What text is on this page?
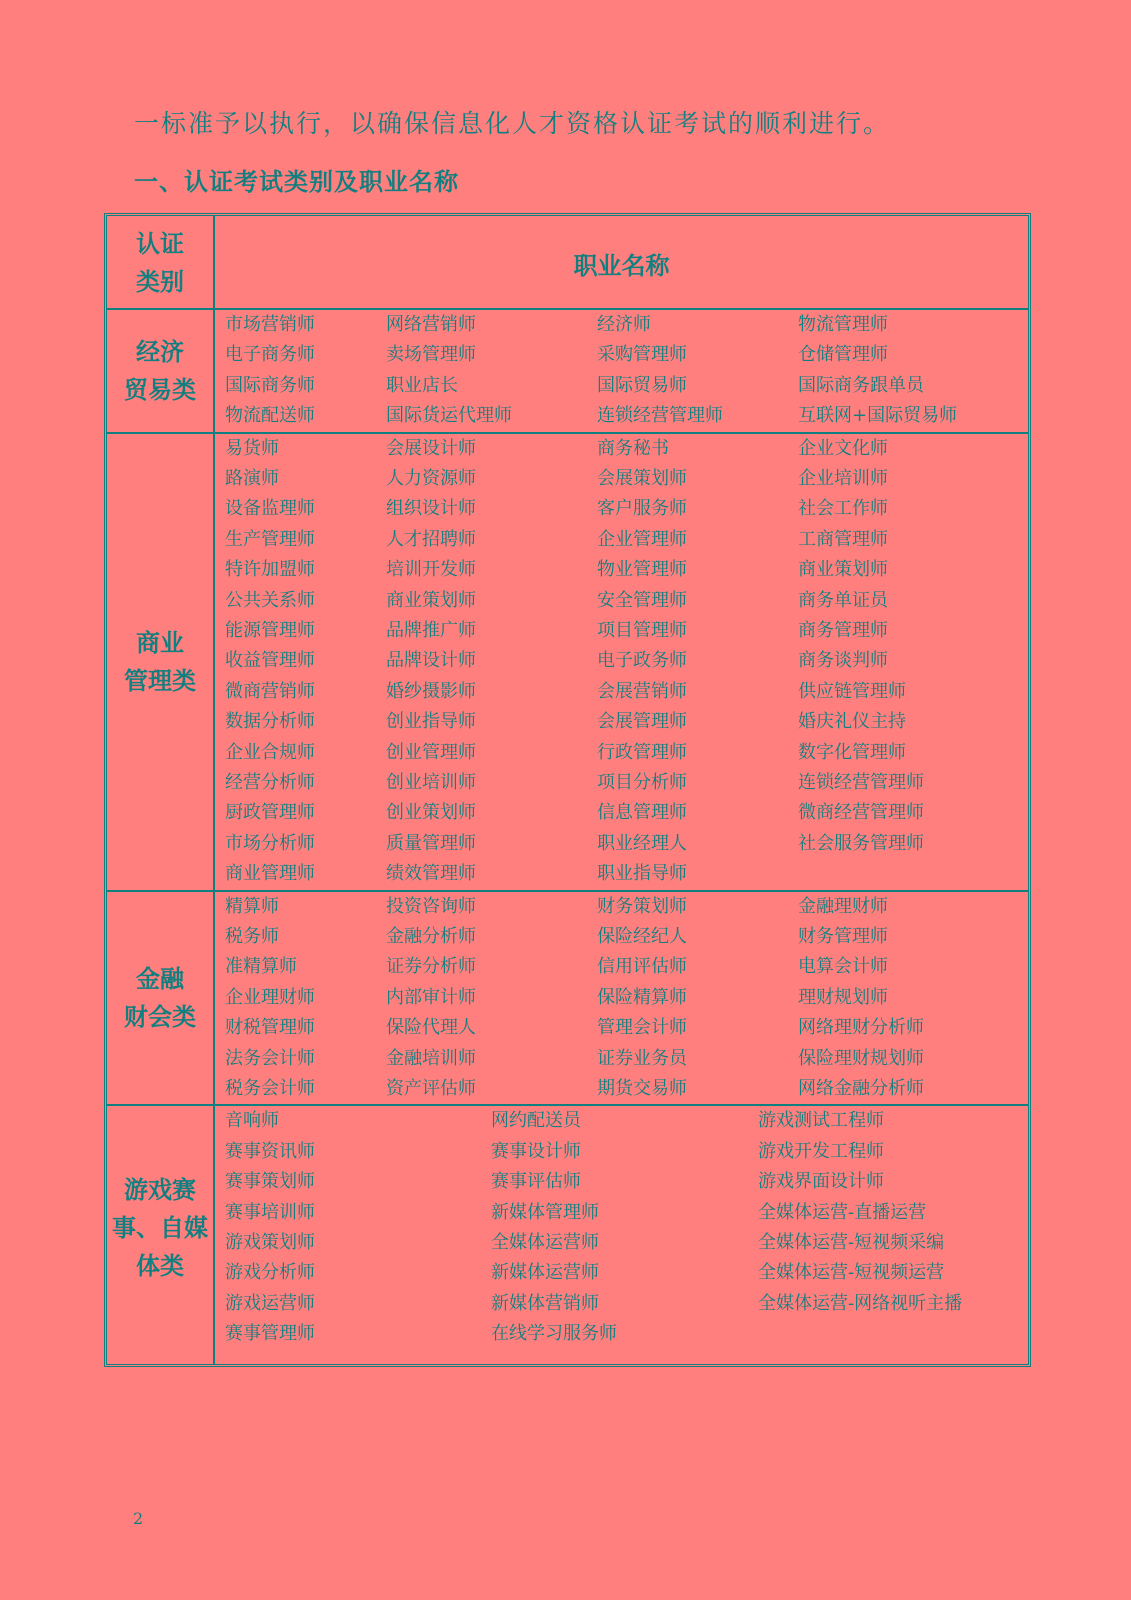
一标准予以执行，以确保信息化人才资格认证考试的顺利进行。

一、认证考试类别及职业名称
认证
类别
职业名称
经济
贸易类
市场营销师	网络营销师	经济师	物流管理师
电子商务师	卖场管理师	采购管理师	仓储管理师
国际商务师	职业店长	国际贸易师	国际商务跟单员
物流配送师	国际货运代理师	连锁经营管理师	互联网+国际贸易师
商业
管理类
易货师	会展设计师	商务秘书	企业文化师
路演师	人力资源师	会展策划师	企业培训师
设备监理师	组织设计师	客户服务师	社会工作师
生产管理师	人才招聘师	企业管理师	工商管理师
特许加盟师	培训开发师	物业管理师	商业策划师
公共关系师	商业策划师	安全管理师	商务单证员
能源管理师	品牌推广师	项目管理师	商务管理师
收益管理师	品牌设计师	电子政务师	商务谈判师
微商营销师	婚纱摄影师	会展营销师	供应链管理师
数据分析师	创业指导师	会展管理师	婚庆礼仪主持
企业合规师	创业管理师	行政管理师	数字化管理师
经营分析师	创业培训师	项目分析师	连锁经营管理师
厨政管理师	创业策划师	信息管理师	微商经营管理师
市场分析师	质量管理师	职业经理人	社会服务管理师
商业管理师	绩效管理师	职业指导师
金融
财会类
精算师	投资咨询师	财务策划师	金融理财师
税务师	金融分析师	保险经纪人	财务管理师
准精算师	证券分析师	信用评估师	电算会计师
企业理财师	内部审计师	保险精算师	理财规划师
财税管理师	保险代理人	管理会计师	网络理财分析师
法务会计师	金融培训师	证券业务员	保险理财规划师
税务会计师	资产评估师	期货交易师	网络金融分析师
游戏赛
事、自媒
体类
音响师	网约配送员	游戏测试工程师
赛事资讯师	赛事设计师	游戏开发工程师
赛事策划师	赛事评估师	游戏界面设计师
赛事培训师	新媒体管理师	全媒体运营-直播运营
游戏策划师	全媒体运营师	全媒体运营-短视频采编
游戏分析师	新媒体运营师	全媒体运营-短视频运营
游戏运营师	新媒体营销师	全媒体运营-网络视听主播
赛事管理师	在线学习服务师
2
